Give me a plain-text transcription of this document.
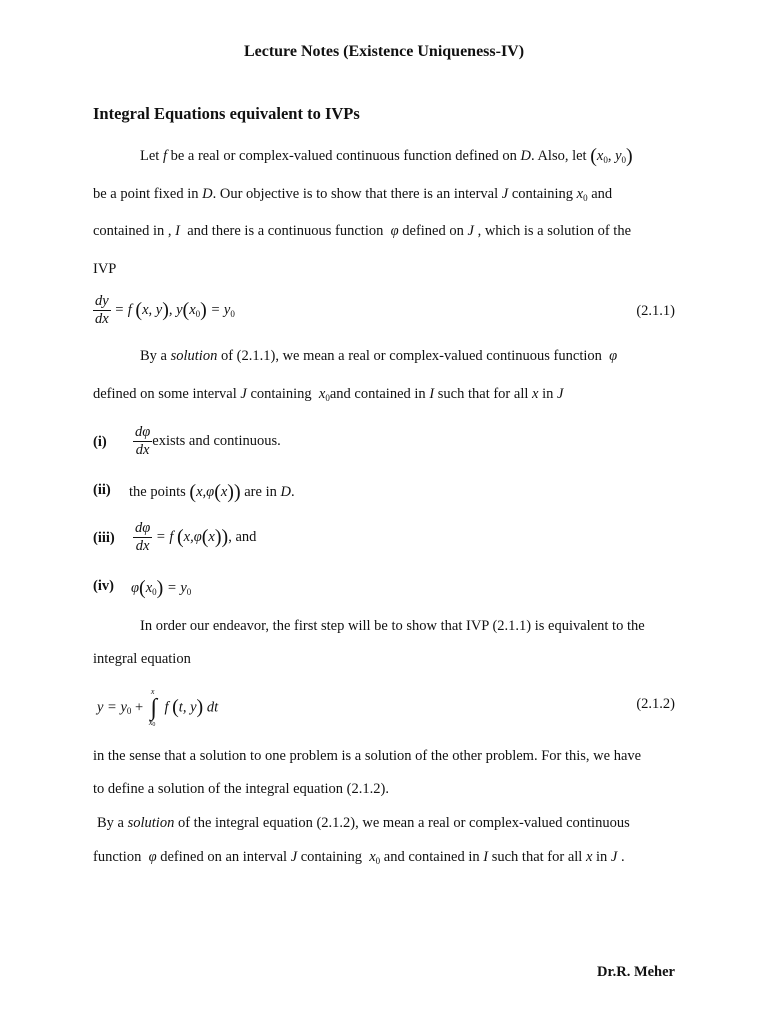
Lecture Notes (Existence Uniqueness-IV)
Integral Equations equivalent to IVPs
Let f be a real or complex-valued continuous function defined on D. Also, let ($x_0$, $y_0$)
be a point fixed in D. Our objective is to show that there is an interval J containing $x_0$ and
contained in , I and there is a continuous function φ defined on J , which is a solution of the
IVP
$\frac{dy}{dx} = f$ (x, y), $y(x_0) = y_0$	(2.1.1)
By a solution of (2.1.1), we mean a real or complex-valued continuous function φ
defined on some interval J containing $x_0and$ contained in I such that for all x in J
$(i) \frac{d\varphi}{dx}$ exists and continuous.
(ii) the points (x,φ(x)) are in D.
$(iii) \frac{d\varphi}{dx} = f$ (x,φ(x)), and
(iv) $\varphi(x_0) = y_0$
In order our endeavor, the first step will be to show that IVP (2.1.1) is equivalent to the
integral equation
$y = y_0$ +
x
∫
x0
f (t, y) dt	(2.1.2)
in the sense that a solution to one problem is a solution of the other problem. For this, we have
to define a solution of the integral equation (2.1.2).
By a solution of the integral equation (2.1.2), we mean a real or complex-valued continuous
function φ defined on an interval J containing $x_0$ and contained in I such that for all x in J .
Dr.R. Meher
